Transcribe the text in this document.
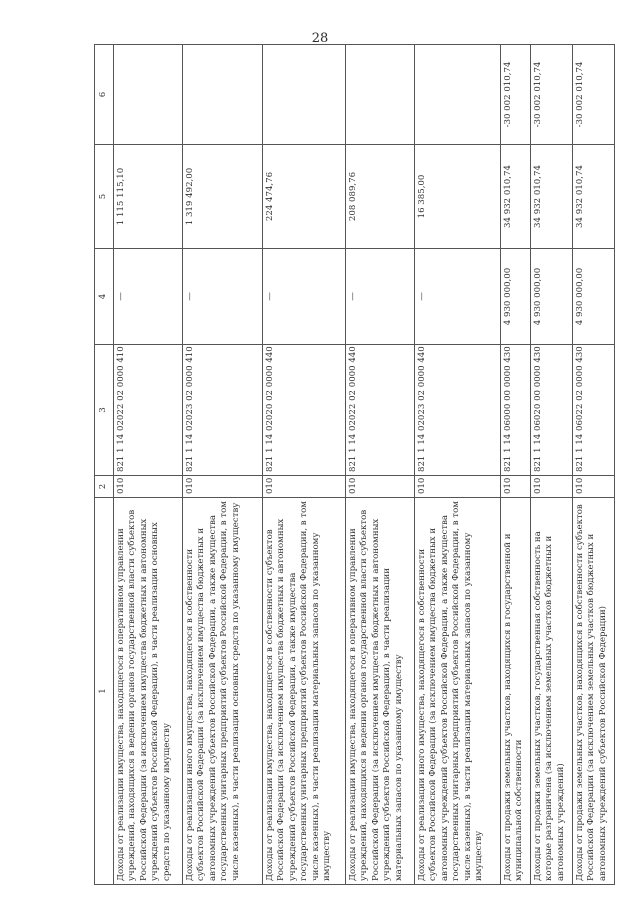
28
1	2	3	4	5	6
Доходы от реализации имущества, находящегося в оперативном управлении учреждений, находящихся в ведении органов государственной власти субъектов Российской Федерации (за исключением имущества бюджетных и автономных учреждений субъектов Российской Федерации), в части реализации основных средств по указанному имуществу	010	821 1 14 02022 02 0000 410	—	1 115 115,10	
Доходы от реализации иного имущества, находящегося в собственности субъектов Российской Федерации (за исключением имущества бюджетных и автономных учреждений субъектов Российской Федерации, а также имущества государственных унитарных предприятий субъектов Российской Федерации, в том числе казенных), в части реализации основных средств по указанному имуществу	010	821 1 14 02023 02 0000 410	—	1 319 492,00	
Доходы от реализации имущества, находящегося в собственности субъектов Российской Федерации (за исключением имущества бюджетных и автономных учреждений субъектов Российской Федерации, а также имущества государственных унитарных предприятий субъектов Российской Федерации, в том числе казенных), в части реализации материальных запасов по указанному имуществу	010	821 1 14 02020 02 0000 440	—	224 474,76	
Доходы от реализации имущества, находящегося в оперативном управлении учреждений, находящихся в ведении органов государственной власти субъектов Российской Федерации (за исключением имущества бюджетных и автономных учреждений субъектов Российской Федерации), в части реализации материальных запасов по указанному имуществу	010	821 1 14 02022 02 0000 440	—	208 089,76	
Доходы от реализации иного имущества, находящегося в собственности субъектов Российской Федерации (за исключением имущества бюджетных и автономных учреждений субъектов Российской Федерации, а также имущества государственных унитарных предприятий субъектов Российской Федерации, в том числе казенных), в части реализации материальных запасов по указанному имуществу	010	821 1 14 02023 02 0000 440	—	16 385,00	
Доходы от продажи земельных участков, находящихся в государственной и муниципальной собственности	010	821 1 14 06000 00 0000 430	4 930 000,00	34 932 010,74	-30 002 010,74
Доходы от продажи земельных участков, государственная собственность на которые разграничена (за исключением земельных участков бюджетных и автономных учреждений)	010	821 1 14 06020 00 0000 430	4 930 000,00	34 932 010,74	-30 002 010,74
Доходы от продажи земельных участков, находящихся в собственности субъектов Российской Федерации (за исключением земельных участков бюджетных и автономных учреждений субъектов Российской Федерации)	010	821 1 14 06022 02 0000 430	4 930 000,00	34 932 010,74	-30 002 010,74
